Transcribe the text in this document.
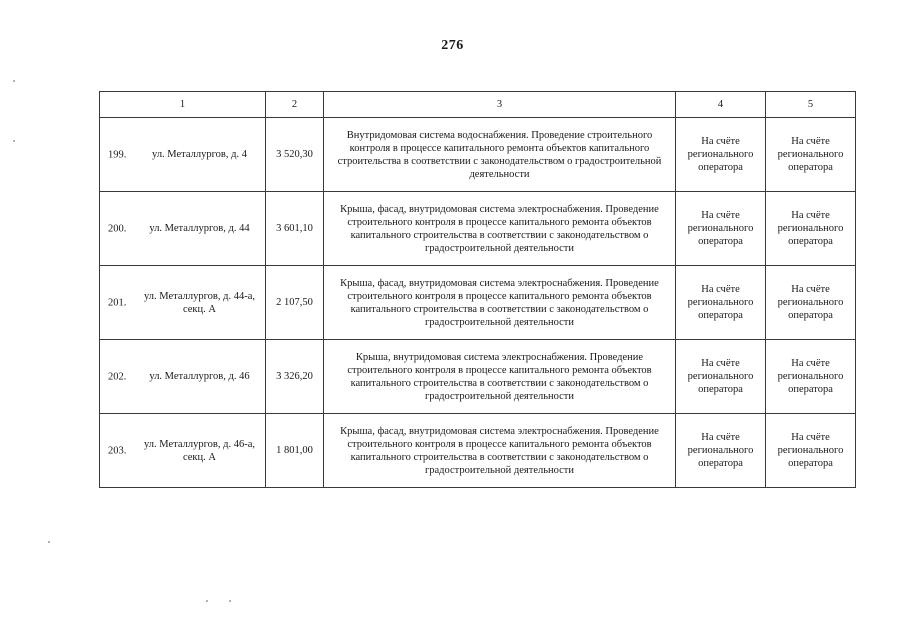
276
1	2	3	4	5

199. ул. Металлургов, д. 4	3 520,30	Внутридомовая система водоснабжения. Проведение строительного контроля в процессе капитального ремонта объектов капитального строительства в соответствии с законодательством о градостроительной деятельности	На счёте регионального оператора	На счёте регионального оператора

200. ул. Металлургов, д. 44	3 601,10	Крыша, фасад, внутридомовая система электроснабжения. Проведение строительного контроля в процессе капитального ремонта объектов капитального строительства в соответствии с законодательством о градостроительной деятельности	На счёте регионального оператора	На счёте регионального оператора

201.
ул. Металлургов, д. 44-а, секц. А	2 107,50	Крыша, фасад, внутридомовая система электроснабжения. Проведение строительного контроля в процессе капитального ремонта объектов капитального строительства в соответствии с законодательством о градостроительной деятельности	На счёте регионального оператора	На счёте регионального оператора

202. ул. Металлургов, д. 46	3 326,20	Крыша, внутридомовая система электроснабжения. Проведение строительного контроля в процессе капитального ремонта объектов капитального строительства в соответствии с законодательством о градостроительной деятельности	На счёте регионального оператора	На счёте регионального оператора

203.
ул. Металлургов, д. 46-а, секц. А	1 801,00	Крыша, фасад, внутридомовая система электроснабжения. Проведение строительного контроля в процессе капитального ремонта объектов капитального строительства в соответствии с законодательством о градостроительной деятельности	На счёте регионального оператора	На счёте регионального оператора
